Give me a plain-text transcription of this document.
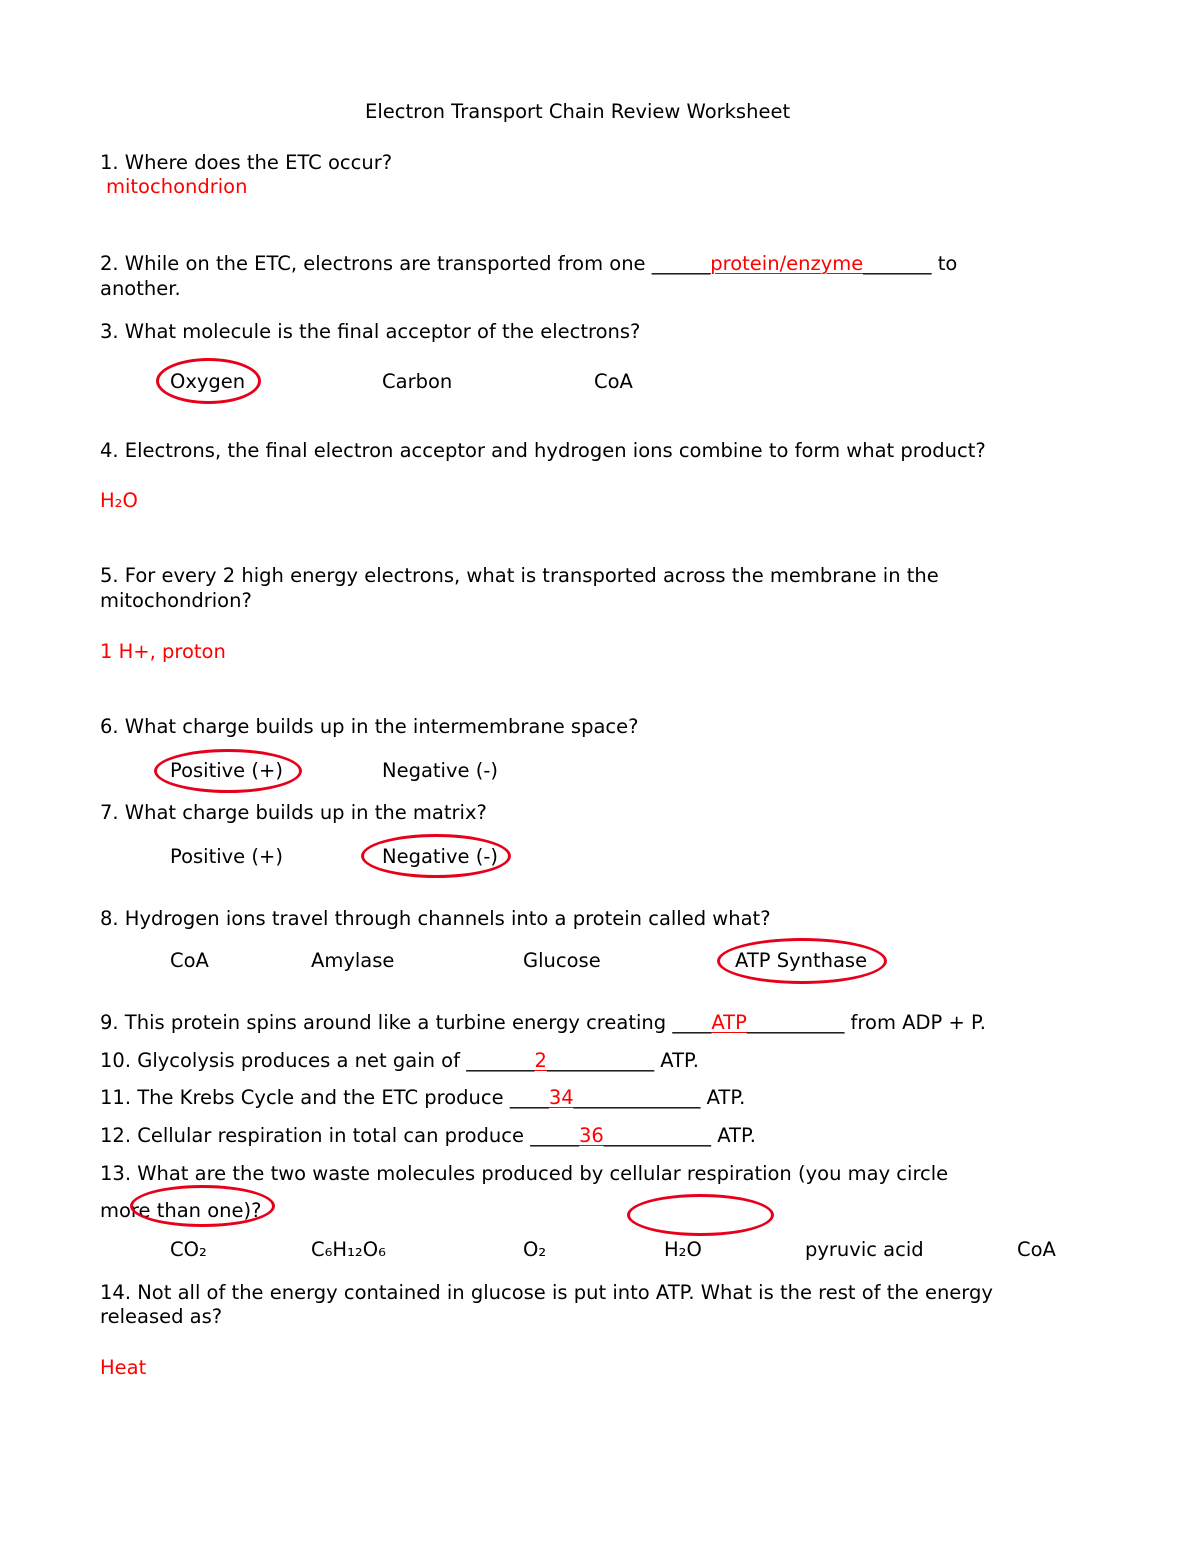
Electron Transport Chain Review Worksheet
1. Where does the ETC occur?
mitochondrion
2. While on the ETC, electrons are transported from one ______protein/enzyme_______ to
another.
3. What molecule is the final acceptor of the electrons?
Oxygen	Carbon	CoA
4. Electrons, the final electron acceptor and hydrogen ions combine to form what product?
H₂O
5. For every 2 high energy electrons, what is transported across the membrane in the
mitochondrion?
1 H+, proton
6. What charge builds up in the intermembrane space?
Positive (+)	Negative (-)
7. What charge builds up in the matrix?
Positive (+)	Negative (-)
8. Hydrogen ions travel through channels into a protein called what?
CoA	Amylase	Glucose	ATP Synthase
9. This protein spins around like a turbine energy creating ____ATP__________ from ADP + P.
10. Glycolysis produces a net gain of _______2___________ ATP.
11. The Krebs Cycle and the ETC produce ____34_____________ ATP.
12. Cellular respiration in total can produce _____36___________ ATP.
13. What are the two waste molecules produced by cellular respiration (you may circle
more than one)?
CO₂	C₆H₁₂O₆	O₂	H₂O	pyruvic acid	CoA
14. Not all of the energy contained in glucose is put into ATP. What is the rest of the energy
released as?
Heat
